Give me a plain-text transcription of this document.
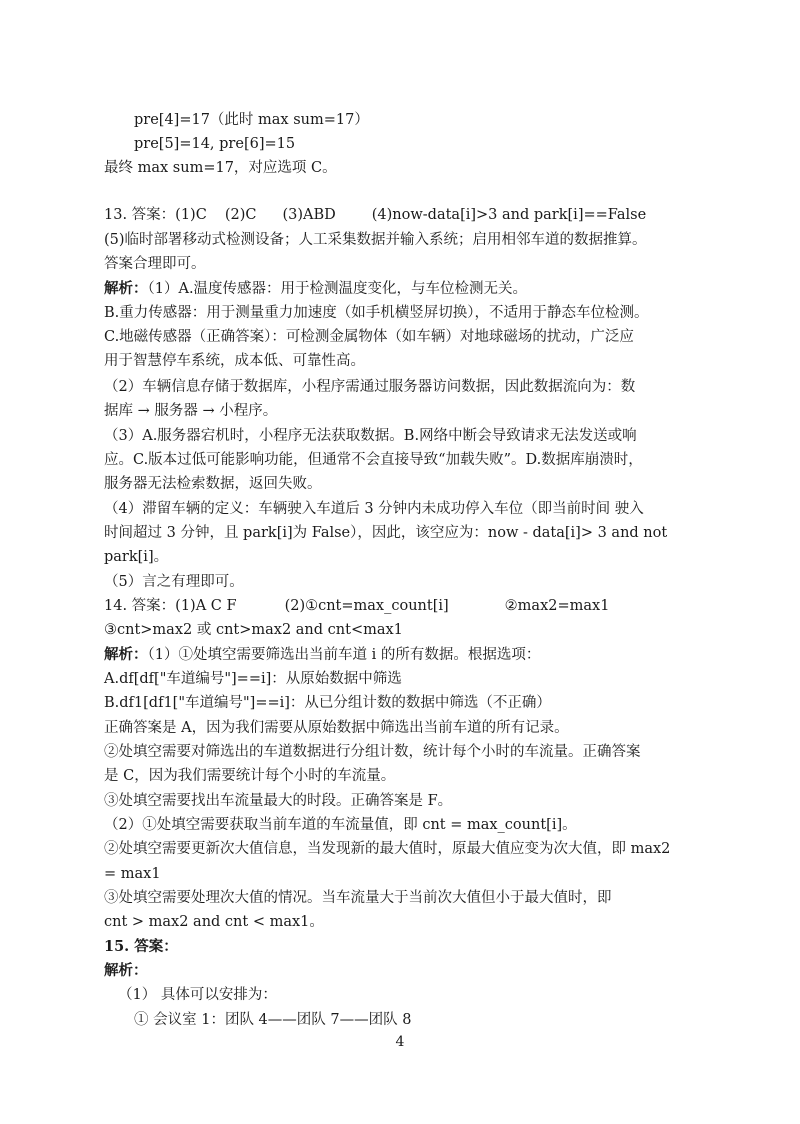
pre[4]=17（此时 max sum=17）
pre[5]=14, pre[6]=15
最终 max sum=17，对应选项 C。
13. 答案：(1)C (2)C (3)ABD (4)now-data[i]>3 and park[i]==False
(5)临时部署移动式检测设备；人工采集数据并输入系统；启用相邻车道的数据推算。
答案合理即可。
解析：（1）A.温度传感器：用于检测温度变化，与车位检测无关。
B.重力传感器：用于测量重力加速度（如手机横竖屏切换），不适用于静态车位检测。
C.地磁传感器（正确答案）：可检测金属物体（如车辆）对地球磁场的扰动，广泛应
用于智慧停车系统，成本低、可靠性高。
（2）车辆信息存储于数据库，小程序需通过服务器访问数据，因此数据流向为：数
据库 → 服务器 → 小程序。
（3）A.服务器宕机时，小程序无法获取数据。B.网络中断会导致请求无法发送或响
应。C.版本过低可能影响功能，但通常不会直接导致“加载失败”。D.数据库崩溃时，
服务器无法检索数据，返回失败。
（4）滞留车辆的定义：车辆驶入车道后 3 分钟内未成功停入车位（即当前时间 驶入
时间超过 3 分钟，且 park[i]为 False），因此，该空应为：now - data[i]> 3 and not
park[i]。
（5）言之有理即可。
14. 答案：(1)A C F	(2)①cnt=max_count[i]	②max2=max1
③cnt>max2 或 cnt>max2 and cnt<max1
解析：（1）①处填空需要筛选出当前车道 i 的所有数据。根据选项：
A.df[df["车道编号"]==i]：从原始数据中筛选
B.df1[df1["车道编号"]==i]：从已分组计数的数据中筛选（不正确）
正确答案是 A，因为我们需要从原始数据中筛选出当前车道的所有记录。
②处填空需要对筛选出的车道数据进行分组计数，统计每个小时的车流量。正确答案
是 C，因为我们需要统计每个小时的车流量。
③处填空需要找出车流量最大的时段。正确答案是 F。
（2）①处填空需要获取当前车道的车流量值，即 cnt = max_count[i]。
②处填空需要更新次大值信息，当发现新的最大值时，原最大值应变为次大值，即 max2
= max1
③处填空需要处理次大值的情况。当车流量大于当前次大值但小于最大值时，即
cnt > max2 and cnt < max1。
15. 答案：
解析：
（1） 具体可以安排为：
① 会议室 1：团队 4——团队 7——团队 8
4
